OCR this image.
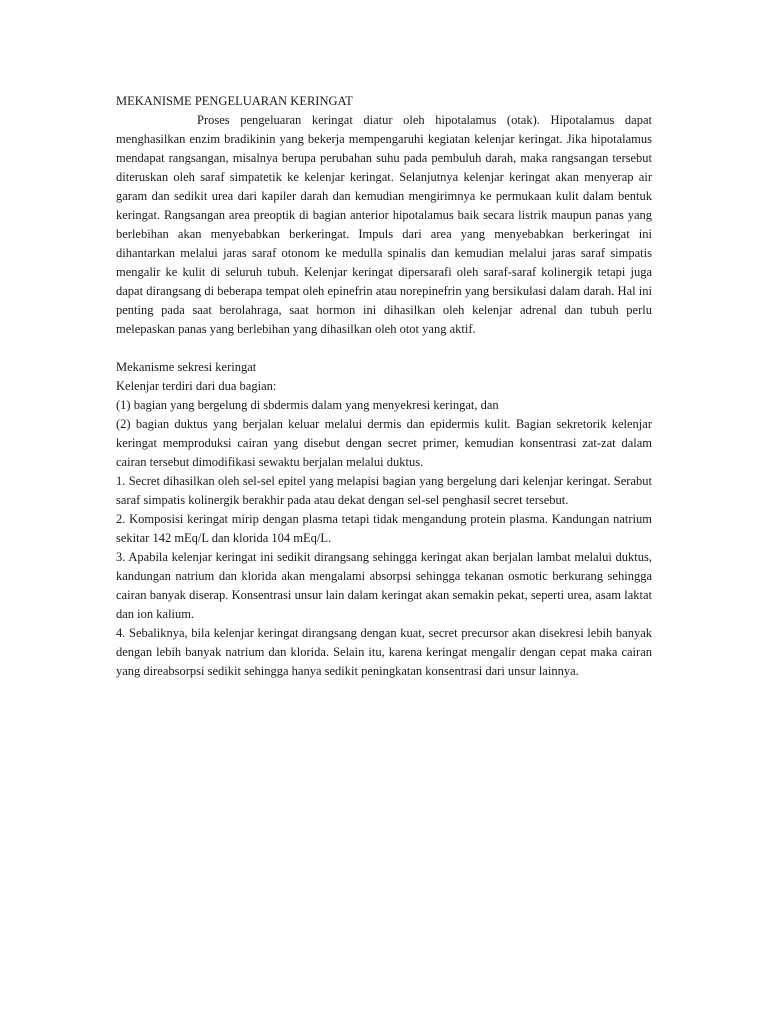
MEKANISME PENGELUARAN KERINGAT

Proses pengeluaran keringat diatur oleh hipotalamus (otak). Hipotalamus dapat menghasilkan enzim bradikinin yang bekerja mempengaruhi kegiatan kelenjar keringat. Jika hipotalamus mendapat rangsangan, misalnya berupa perubahan suhu pada pembuluh darah, maka rangsangan tersebut diteruskan oleh saraf simpatetik ke kelenjar keringat. Selanjutnya kelenjar keringat akan menyerap air garam dan sedikit urea dari kapiler darah dan kemudian mengirimnya ke permukaan kulit dalam bentuk keringat. Rangsangan area preoptik di bagian anterior hipotalamus baik secara listrik maupun panas yang berlebihan akan menyebabkan berkeringat. Impuls dari area yang menyebabkan berkeringat ini dihantarkan melalui jaras saraf otonom ke medulla spinalis dan kemudian melalui jaras saraf simpatis mengalir ke kulit di seluruh tubuh. Kelenjar keringat dipersarafi oleh saraf-saraf kolinergik tetapi juga dapat dirangsang di beberapa tempat oleh epinefrin atau norepinefrin yang bersikulasi dalam darah. Hal ini penting pada saat berolahraga, saat hormon ini dihasilkan oleh kelenjar adrenal dan tubuh perlu melepaskan panas yang berlebihan yang dihasilkan oleh otot yang aktif.

Mekanisme sekresi keringat

Kelenjar terdiri dari dua bagian:

(1) bagian yang bergelung di sbdermis dalam yang menyekresi keringat, dan

(2) bagian duktus yang berjalan keluar melalui dermis dan epidermis kulit. Bagian sekretorik kelenjar keringat memproduksi cairan yang disebut dengan secret primer, kemudian konsentrasi zat-zat dalam cairan tersebut dimodifikasi sewaktu berjalan melalui duktus.

1. Secret dihasilkan oleh sel-sel epitel yang melapisi bagian yang bergelung dari kelenjar keringat. Serabut saraf simpatis kolinergik berakhir pada atau dekat dengan sel-sel penghasil secret tersebut.

2. Komposisi keringat mirip dengan plasma tetapi tidak mengandung protein plasma. Kandungan natrium sekitar 142 mEq/L dan klorida 104 mEq/L.

3. Apabila kelenjar keringat ini sedikit dirangsang sehingga keringat akan berjalan lambat melalui duktus, kandungan natrium dan klorida akan mengalami absorpsi sehingga tekanan osmotic berkurang sehingga cairan banyak diserap. Konsentrasi unsur lain dalam keringat akan semakin pekat, seperti urea, asam laktat dan ion kalium.

4. Sebaliknya, bila kelenjar keringat dirangsang dengan kuat, secret precursor akan disekresi lebih banyak dengan lebih banyak natrium dan klorida. Selain itu, karena keringat mengalir dengan cepat maka cairan yang direabsorpsi sedikit sehingga hanya sedikit peningkatan konsentrasi dari unsur lainnya.
